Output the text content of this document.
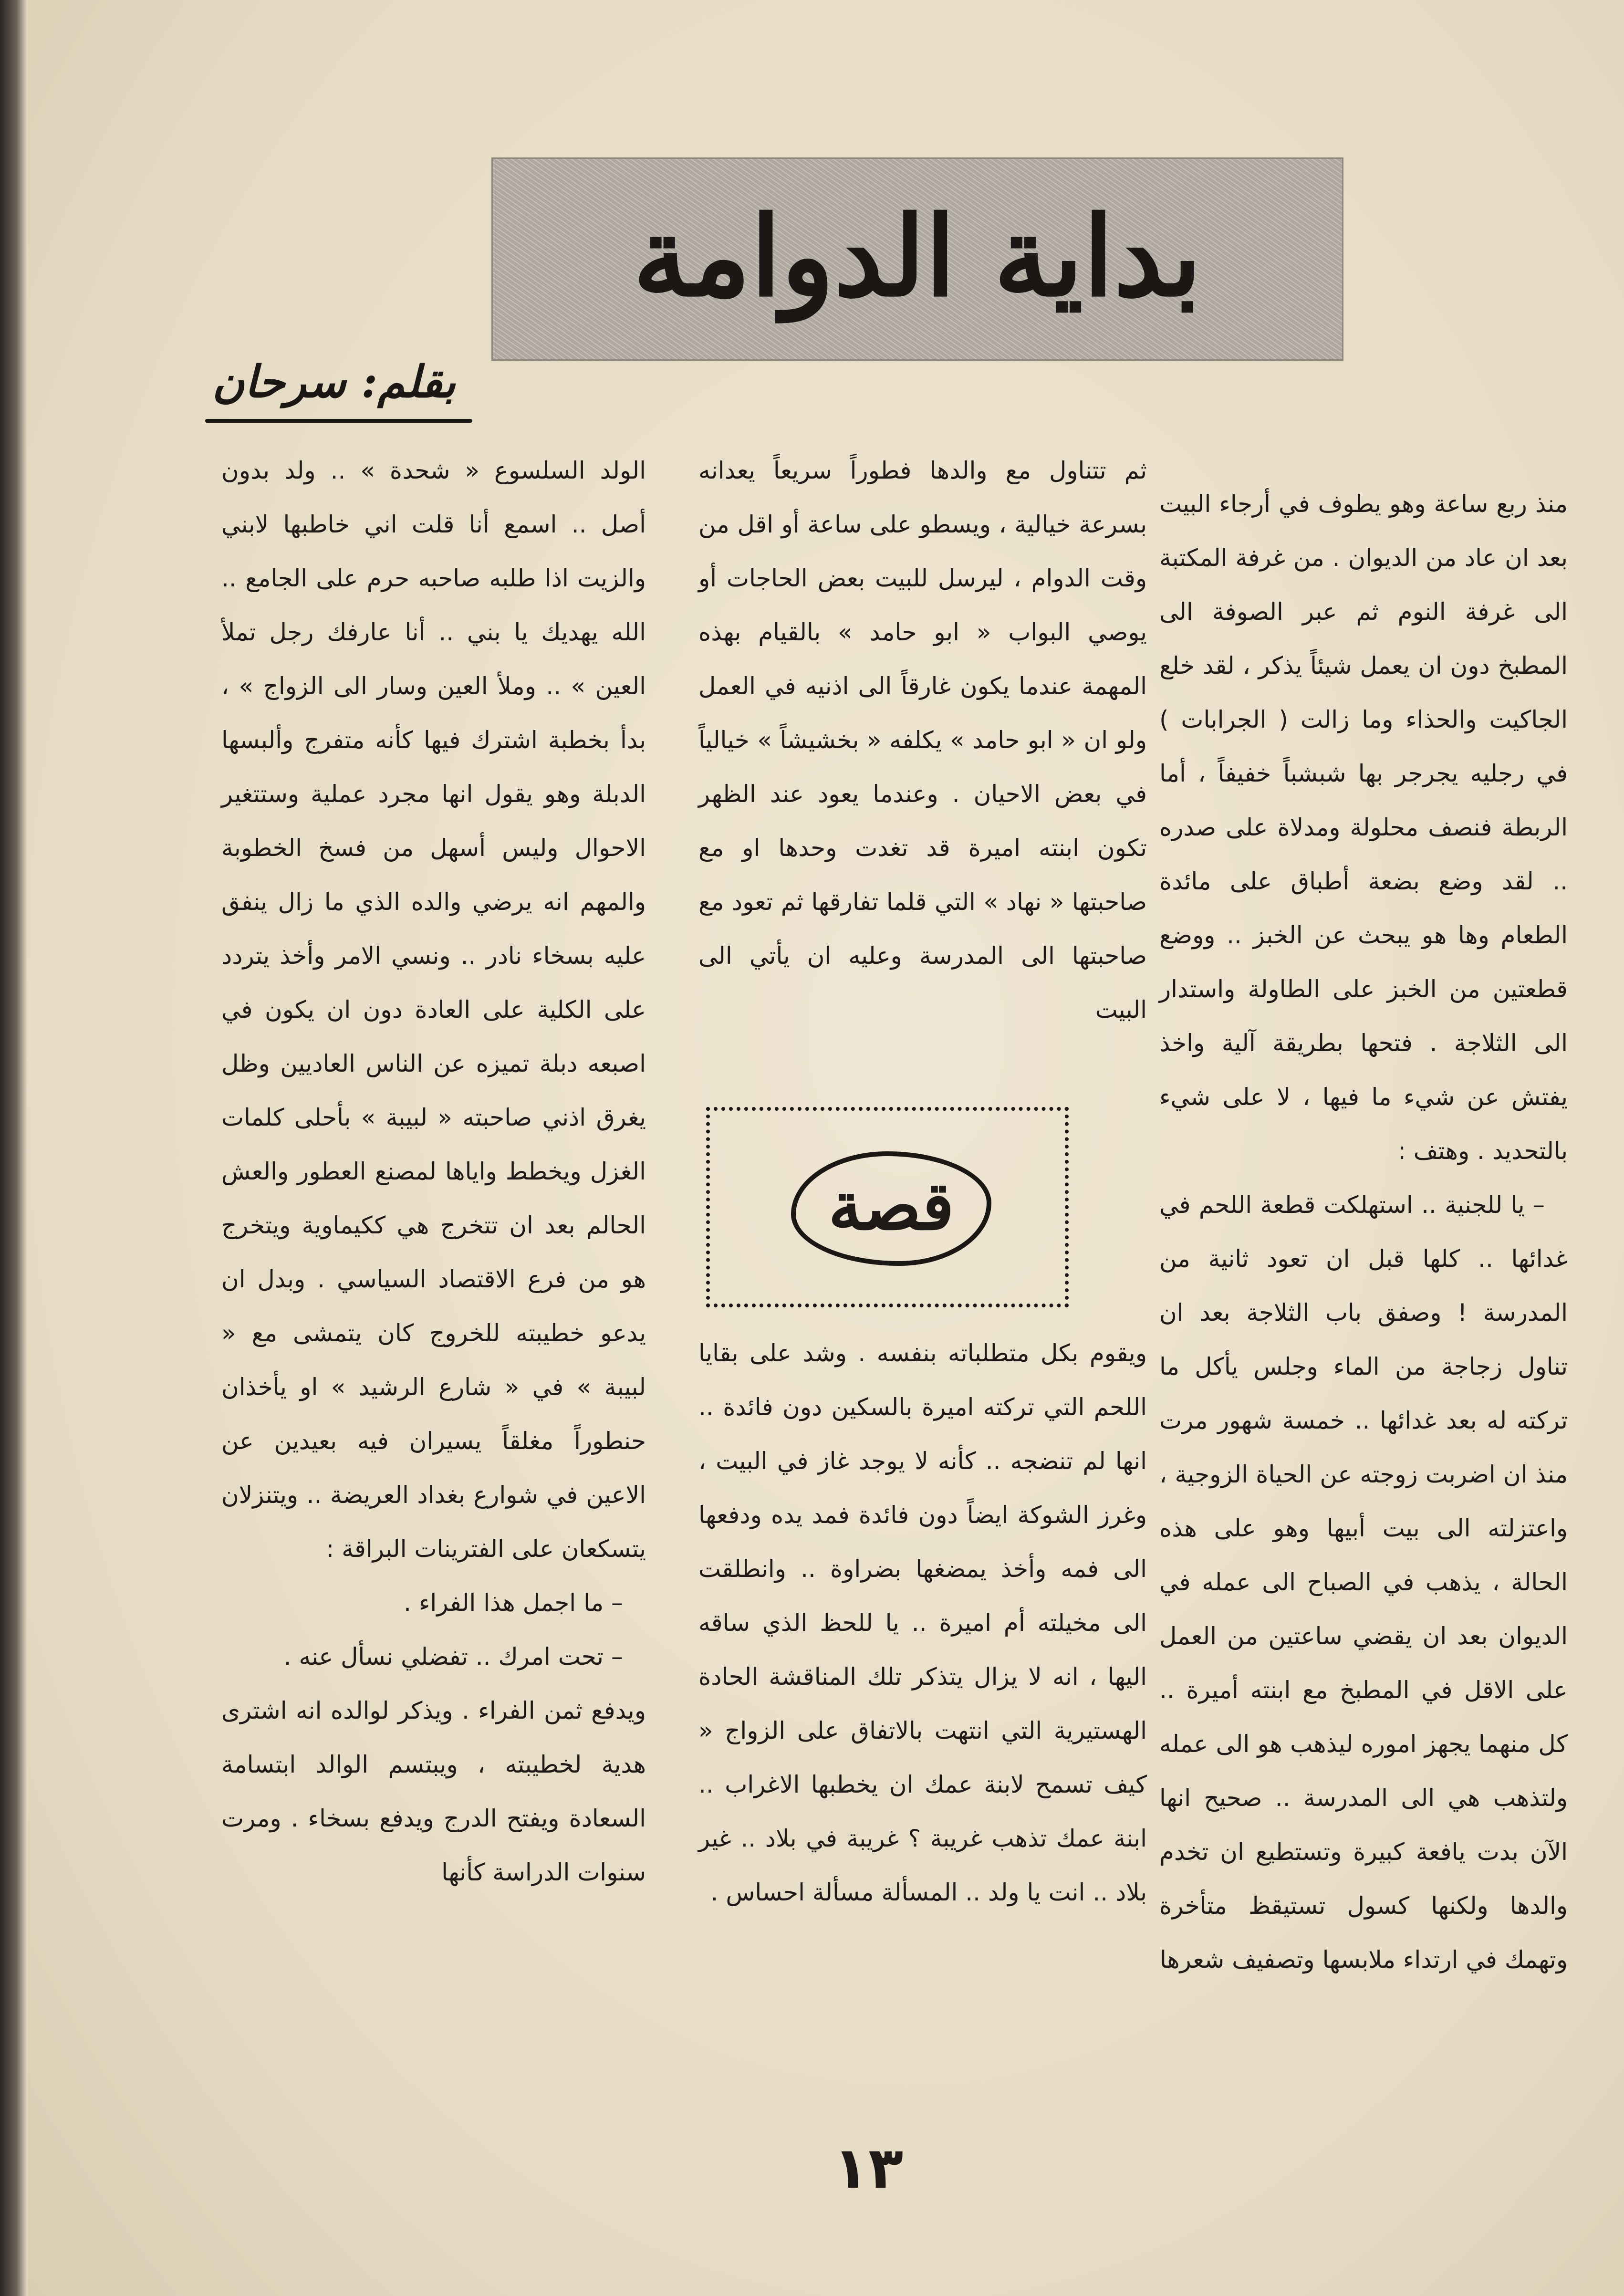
بداية الدوامة
بقلم: سرحان

منذ ربع ساعة وهو يطوف في أرجاء البيت بعد ان عاد من الديوان . من غرفة المكتبة الى غرفة النوم ثم عبر الصوفة الى المطبخ دون ان يعمل شيئاً يذكر ، لقد خلع الجاكيت والحذاء وما زالت ( الجرابات ) في رجليه يجرجر بها شبشباً خفيفاً ، أما الربطة فنصف محلولة ومدلاة على صدره .. لقد وضع بضعة أطباق على مائدة الطعام وها هو يبحث عن الخبز .. ووضع قطعتين من الخبز على الطاولة واستدار الى الثلاجة . فتحها بطريقة آلية واخذ يفتش عن شيء ما فيها ، لا على شيء بالتحديد . وهتف :

– يا للجنية .. استهلكت قطعة اللحم في غدائها .. كلها قبل ان تعود ثانية من المدرسة ! وصفق باب الثلاجة بعد ان تناول زجاجة من الماء وجلس يأكل ما تركته له بعد غدائها .. خمسة شهور مرت منذ ان اضربت زوجته عن الحياة الزوجية ، واعتزلته الى بيت أبيها وهو على هذه الحالة ، يذهب في الصباح الى عمله في الديوان بعد ان يقضي ساعتين من العمل على الاقل في المطبخ مع ابنته أميرة .. كل منهما يجهز اموره ليذهب هو الى عمله ولتذهب هي الى المدرسة .. صحيح انها الآن بدت يافعة كبيرة وتستطيع ان تخدم والدها ولكنها كسول تستيقظ متأخرة وتهمك في ارتداء ملابسها وتصفيف شعرها

ثم تتناول مع والدها فطوراً سريعاً يعدانه بسرعة خيالية ، ويسطو على ساعة أو اقل من وقت الدوام ، ليرسل للبيت بعض الحاجات أو يوصي البواب « ابو حامد » بالقيام بهذه المهمة عندما يكون غارقاً الى اذنيه في العمل ولو ان « ابو حامد » يكلفه « بخشيشاً » خيالياً في بعض الاحيان . وعندما يعود عند الظهر تكون ابنته اميرة قد تغدت وحدها او مع صاحبتها « نهاد » التي قلما تفارقها ثم تعود مع صاحبتها الى المدرسة وعليه ان يأتي الى البيت

قصة

ويقوم بكل متطلباته بنفسه . وشد على بقايا اللحم التي تركته اميرة بالسكين دون فائدة .. انها لم تنضجه .. كأنه لا يوجد غاز في البيت ، وغرز الشوكة ايضاً دون فائدة فمد يده ودفعها الى فمه وأخذ يمضغها بضراوة .. وانطلقت الى مخيلته أم اميرة .. يا للحظ الذي ساقه اليها ، انه لا يزال يتذكر تلك المناقشة الحادة الهستيرية التي انتهت بالاتفاق على الزواج « كيف تسمح لابنة عمك ان يخطبها الاغراب .. ابنة عمك تذهب غريبة ؟ غريبة في بلاد .. غير بلاد .. انت يا ولد .. المسألة مسألة احساس .

الولد السلسوع « شحدة » .. ولد بدون أصل .. اسمع أنا قلت اني خاطبها لابني والزيت اذا طلبه صاحبه حرم على الجامع .. الله يهديك يا بني .. أنا عارفك رجل تملأ العين » .. وملأ العين وسار الى الزواج » ، بدأ بخطبة اشترك فيها كأنه متفرج وألبسها الدبلة وهو يقول انها مجرد عملية وستتغير الاحوال وليس أسهل من فسخ الخطوبة والمهم انه يرضي والده الذي ما زال ينفق عليه بسخاء نادر .. ونسي الامر وأخذ يتردد على الكلية على العادة دون ان يكون في اصبعه دبلة تميزه عن الناس العاديين وظل يغرق اذني صاحبته « لبيبة » بأحلى كلمات الغزل ويخطط واياها لمصنع العطور والعش الحالم بعد ان تتخرج هي ككيماوية ويتخرج هو من فرع الاقتصاد السياسي . وبدل ان يدعو خطيبته للخروج كان يتمشى مع « لبيبة » في « شارع الرشيد » او يأخذان حنطوراً مغلقاً يسيران فيه بعيدين عن الاعين في شوارع بغداد العريضة .. ويتنزلان يتسكعان على الفترينات البراقة :

– ما اجمل هذا الفراء .

– تحت امرك .. تفضلي نسأل عنه .

ويدفع ثمن الفراء . ويذكر لوالده انه اشترى هدية لخطيبته ، ويبتسم الوالد ابتسامة السعادة ويفتح الدرج ويدفع بسخاء . ومرت سنوات الدراسة كأنها

١٣
